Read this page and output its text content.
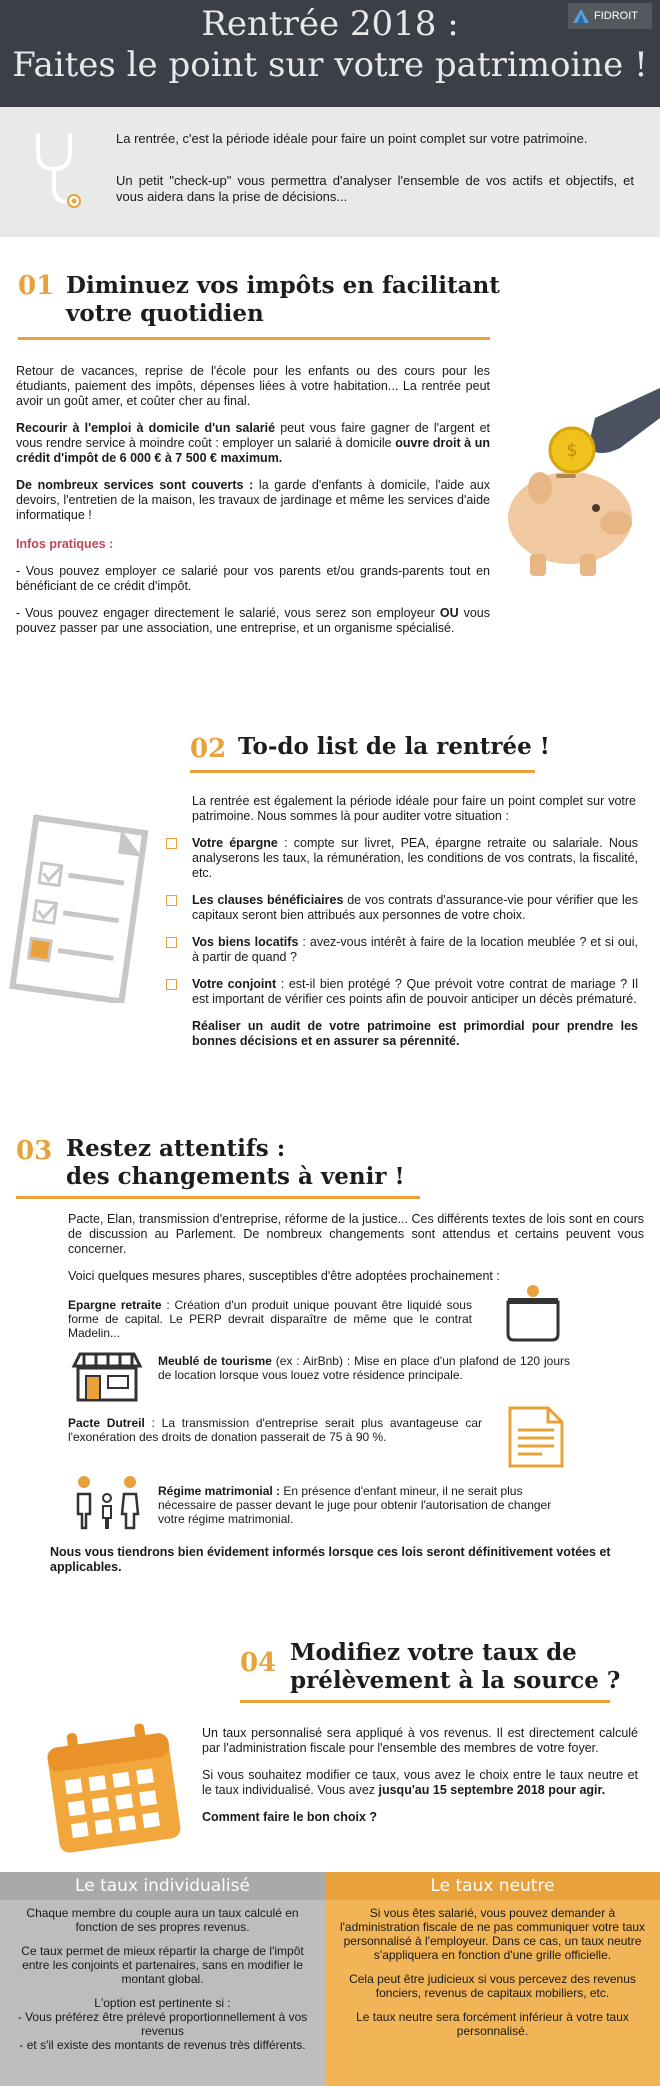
Rentrée 2018 :
Faites le point sur votre patrimoine !
FIDROIT

La rentrée, c'est la période idéale pour faire un point complet sur votre patrimoine.

Un petit "check-up" vous permettra d'analyser l'ensemble de vos actifs et objectifs, et vous aidera dans la prise de décisions...

01 Diminuez vos impôts en facilitant
votre quotidien

Retour de vacances, reprise de l'école pour les enfants ou des cours pour les étudiants, paiement des impôts, dépenses liées à votre habitation... La rentrée peut avoir un goût amer, et coûter cher au final.

Recourir à l'emploi à domicile d'un salarié peut vous faire gagner de l'argent et vous rendre service à moindre coût : employer un salarié à domicile ouvre droit à un crédit d'impôt de 6 000 € à 7 500 € maximum.

De nombreux services sont couverts : la garde d'enfants à domicile, l'aide aux devoirs, l'entretien de la maison, les travaux de jardinage et même les services d'aide informatique !

Infos pratiques :

- Vous pouvez employer ce salarié pour vos parents et/ou grands-parents tout en bénéficiant de ce crédit d'impôt.

- Vous pouvez engager directement le salarié, vous serez son employeur OU vous pouvez passer par une association, une entreprise, et un organisme spécialisé.

$
02 To-do list de la rentrée !
La rentrée est également la période idéale pour faire un point complet sur votre patrimoine. Nous sommes là pour auditer votre situation :
Votre épargne : compte sur livret, PEA, épargne retraite ou salariale. Nous analyserons les taux, la rémunération, les conditions de vos contrats, la fiscalité, etc.
Les clauses bénéficiaires de vos contrats d'assurance-vie pour vérifier que les capitaux seront bien attribués aux personnes de votre choix.
Vos biens locatifs : avez-vous intérêt à faire de la location meublée ? et si oui, à partir de quand ?
Votre conjoint : est-il bien protégé ? Que prévoit votre contrat de mariage ? Il est important de vérifier ces points afin de pouvoir anticiper un décès prématuré.
Réaliser un audit de votre patrimoine est primordial pour prendre les bonnes décisions et en assurer sa pérennité.
03 Restez attentifs :
des changements à venir !

Pacte, Elan, transmission d'entreprise, réforme de la justice... Ces différents textes de lois sont en cours de discussion au Parlement. De nombreux changements sont attendus et certains peuvent vous concerner.

Voici quelques mesures phares, susceptibles d'être adoptées prochainement :

Epargne retraite : Création d'un produit unique pouvant être liquidé sous forme de capital. Le PERP devrait disparaître de même que le contrat Madelin...
Meublé de tourisme (ex : AirBnb) : Mise en place d'un plafond de 120 jours de location lorsque vous louez votre résidence principale.
Pacte Dutreil : La transmission d'entreprise serait plus avantageuse car l'exonération des droits de donation passerait de 75 à 90 %.
Régime matrimonial : En présence d'enfant mineur, il ne serait plus nécessaire de passer devant le juge pour obtenir l'autorisation de changer votre régime matrimonial.
Nous vous tiendrons bien évidement informés lorsque ces lois seront définitivement votées et applicables.
04 Modifiez votre taux de
prélèvement à la source ?

Un taux personnalisé sera appliqué à vos revenus. Il est directement calculé par l'administration fiscale pour l'ensemble des membres de votre foyer.

Si vous souhaitez modifier ce taux, vous avez le choix entre le taux neutre et le taux individualisé. Vous avez jusqu'au 15 septembre 2018 pour agir.

Comment faire le bon choix ?

Le taux individualisé

Chaque membre du couple aura un taux calculé en fonction de ses propres revenus.

Ce taux permet de mieux répartir la charge de l'impôt entre les conjoints et partenaires, sans en modifier le montant global.

L'option est pertinente si :
- Vous préférez être prélevé proportionnellement à vos revenus
- et s'il existe des montants de revenus très différents.
Le taux neutre

Si vous êtes salarié, vous pouvez demander à l'administration fiscale de ne pas communiquer votre taux personnalisé à l'employeur. Dans ce cas, un taux neutre s'appliquera en fonction d'une grille officielle.

Cela peut être judicieux si vous percevez des revenus fonciers, revenus de capitaux mobiliers, etc.

Le taux neutre sera forcément inférieur à votre taux personnalisé.
